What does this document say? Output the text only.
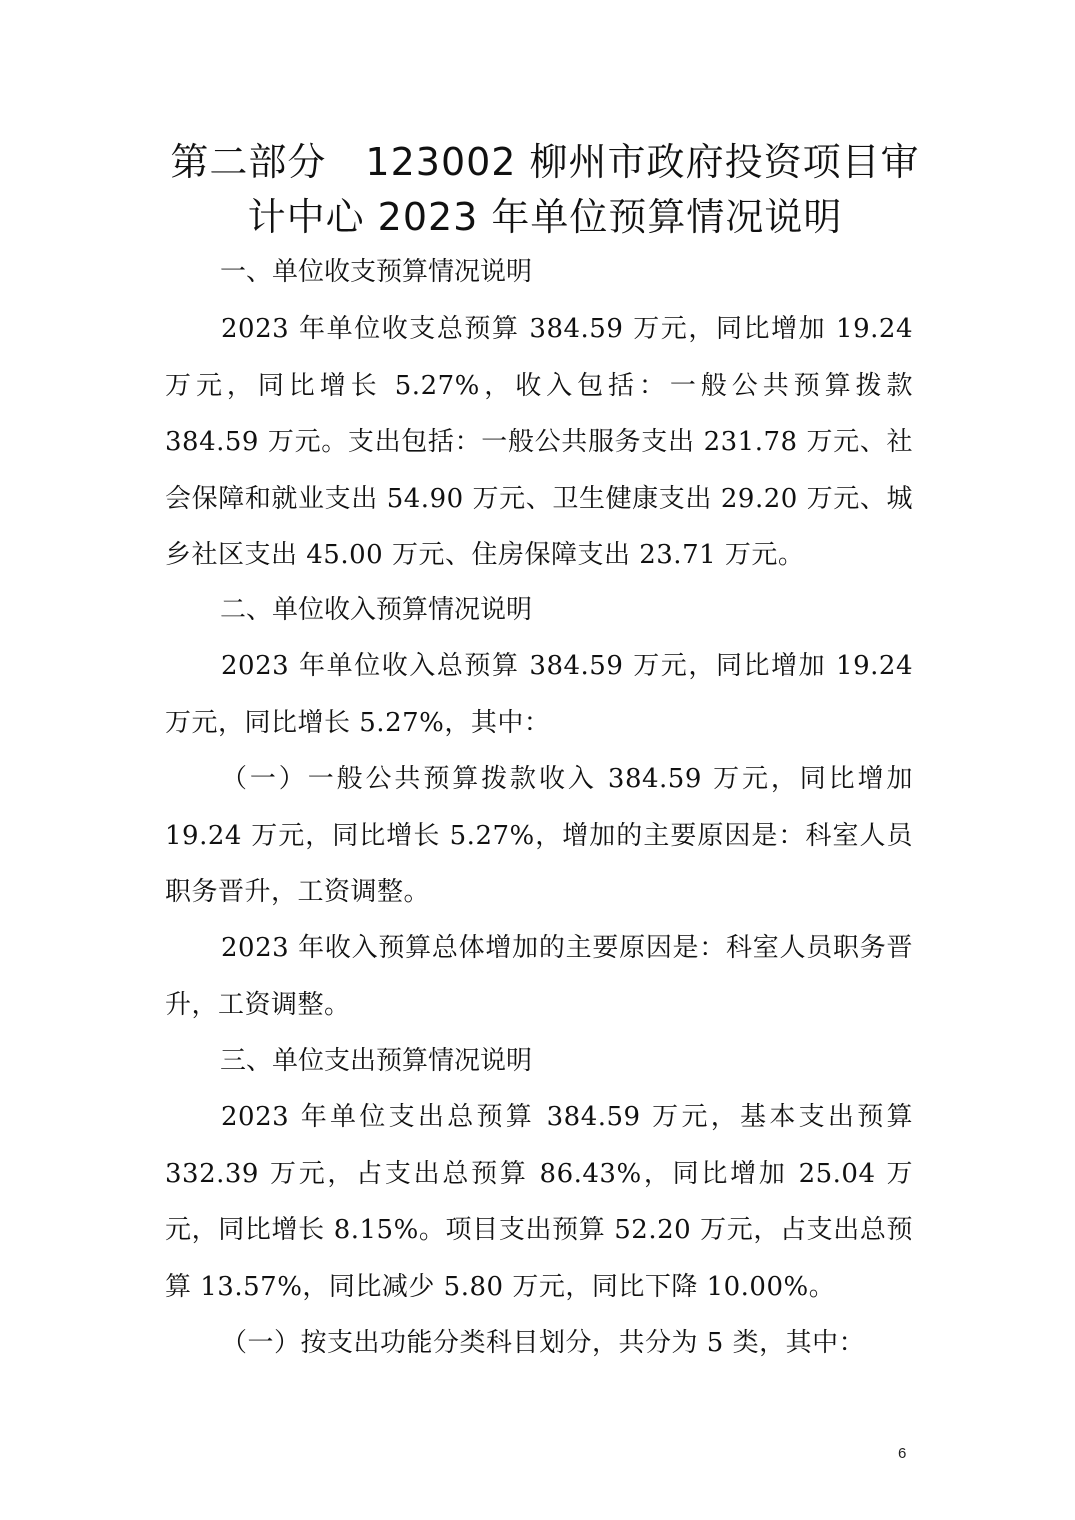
第二部分　123002 柳州市政府投资项目审
计中心 2023 年单位预算情况说明
一、单位收支预算情况说明

2023 年单位收支总预算 384.59 万元，同比增加 19.24 万元，同比增长 5.27%，收入包括：一般公共预算拨款 384.59 万元。支出包括：一般公共服务支出 231.78 万元、社会保障和就业支出 54.90 万元、卫生健康支出 29.20 万元、城乡社区支出 45.00 万元、住房保障支出 23.71 万元。

二、单位收入预算情况说明

2023 年单位收入总预算 384.59 万元，同比增加 19.24 万元，同比增长 5.27%，其中：

（一）一般公共预算拨款收入 384.59 万元，同比增加 19.24 万元，同比增长 5.27%，增加的主要原因是：科室人员职务晋升，工资调整。

2023 年收入预算总体增加的主要原因是：科室人员职务晋升，工资调整。

三、单位支出预算情况说明

2023 年单位支出总预算 384.59 万元，基本支出预算 332.39 万元，占支出总预算 86.43%，同比增加 25.04 万元，同比增长 8.15%。项目支出预算 52.20 万元，占支出总预算 13.57%，同比减少 5.80 万元，同比下降 10.00%。

（一）按支出功能分类科目划分，共分为 5 类，其中：

6
